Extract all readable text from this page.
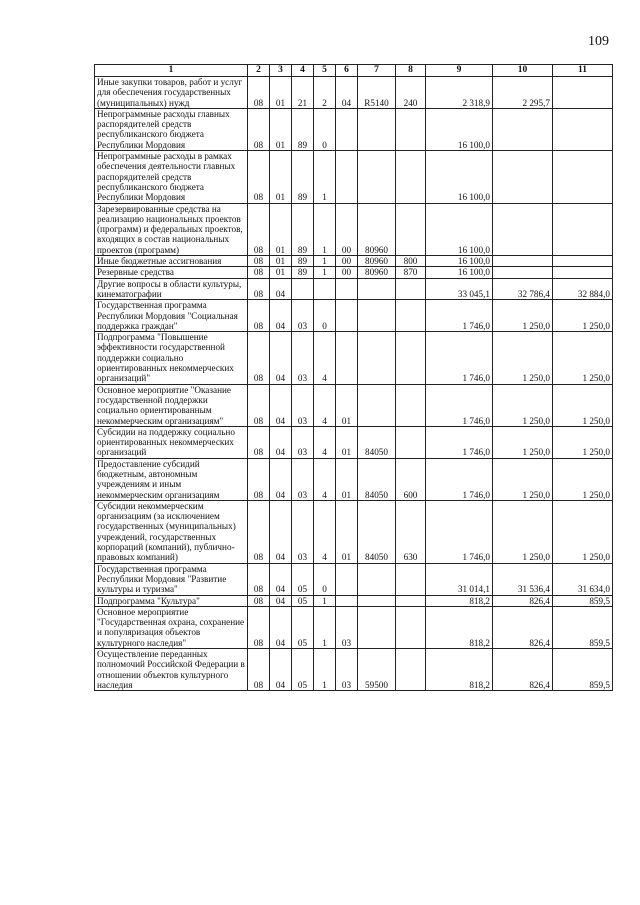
109
1	2	3	4	5	6	7	8	9	10	11
Иные закупки товаров, работ и услуг для обеспечения государственных (муниципальных) нужд	08	01	21	2	04	R5140	240	2 318,9	2 295,7	
Непрограммные расходы главных распорядителей средств республиканского бюджета Республики Мордовия	08	01	89	0				16 100,0		
Непрограммные расходы в рамках обеспечения деятельности главных распорядителей средств республиканского бюджета Республики Мордовия	08	01	89	1				16 100,0		
Зарезервированные средства на реализацию национальных проектов (программ) и федеральных проектов, входящих в состав национальных проектов (программ)	08	01	89	1	00	80960		16 100,0		
Иные бюджетные ассигнования	08	01	89	1	00	80960	800	16 100,0		
Резервные средства	08	01	89	1	00	80960	870	16 100,0		
Другие вопросы в области культуры, кинематографии	08	04						33 045,1	32 786,4	32 884,0
Государственная программа Республики Мордовия "Социальная поддержка граждан"	08	04	03	0				1 746,0	1 250,0	1 250,0
Подпрограмма "Повышение эффективности государственной поддержки социально ориентированных некоммерческих организаций"	08	04	03	4				1 746,0	1 250,0	1 250,0
Основное мероприятие "Оказание государственной поддержки социально ориентированным некоммерческим организациям"	08	04	03	4	01			1 746,0	1 250,0	1 250,0
Субсидии на поддержку социально ориентированных некоммерческих организаций	08	04	03	4	01	84050		1 746,0	1 250,0	1 250,0
Предоставление субсидий бюджетным, автономным учреждениям и иным некоммерческим организациям	08	04	03	4	01	84050	600	1 746,0	1 250,0	1 250,0
Субсидии некоммерческим организациям (за исключением государственных (муниципальных) учреждений, государственных корпораций (компаний), публично-правовых компаний)	08	04	03	4	01	84050	630	1 746,0	1 250,0	1 250,0
Государственная программа Республики Мордовия "Развитие культуры и туризма"	08	04	05	0				31 014,1	31 536,4	31 634,0
Подпрограмма "Культура"	08	04	05	1				818,2	826,4	859,5
Основное мероприятие "Государственная охрана, сохранение и популяризация объектов культурного наследия"	08	04	05	1	03			818,2	826,4	859,5
Осуществление переданных полномочий Российской Федерации в отношении объектов культурного наследия	08	04	05	1	03	59500		818,2	826,4	859,5
